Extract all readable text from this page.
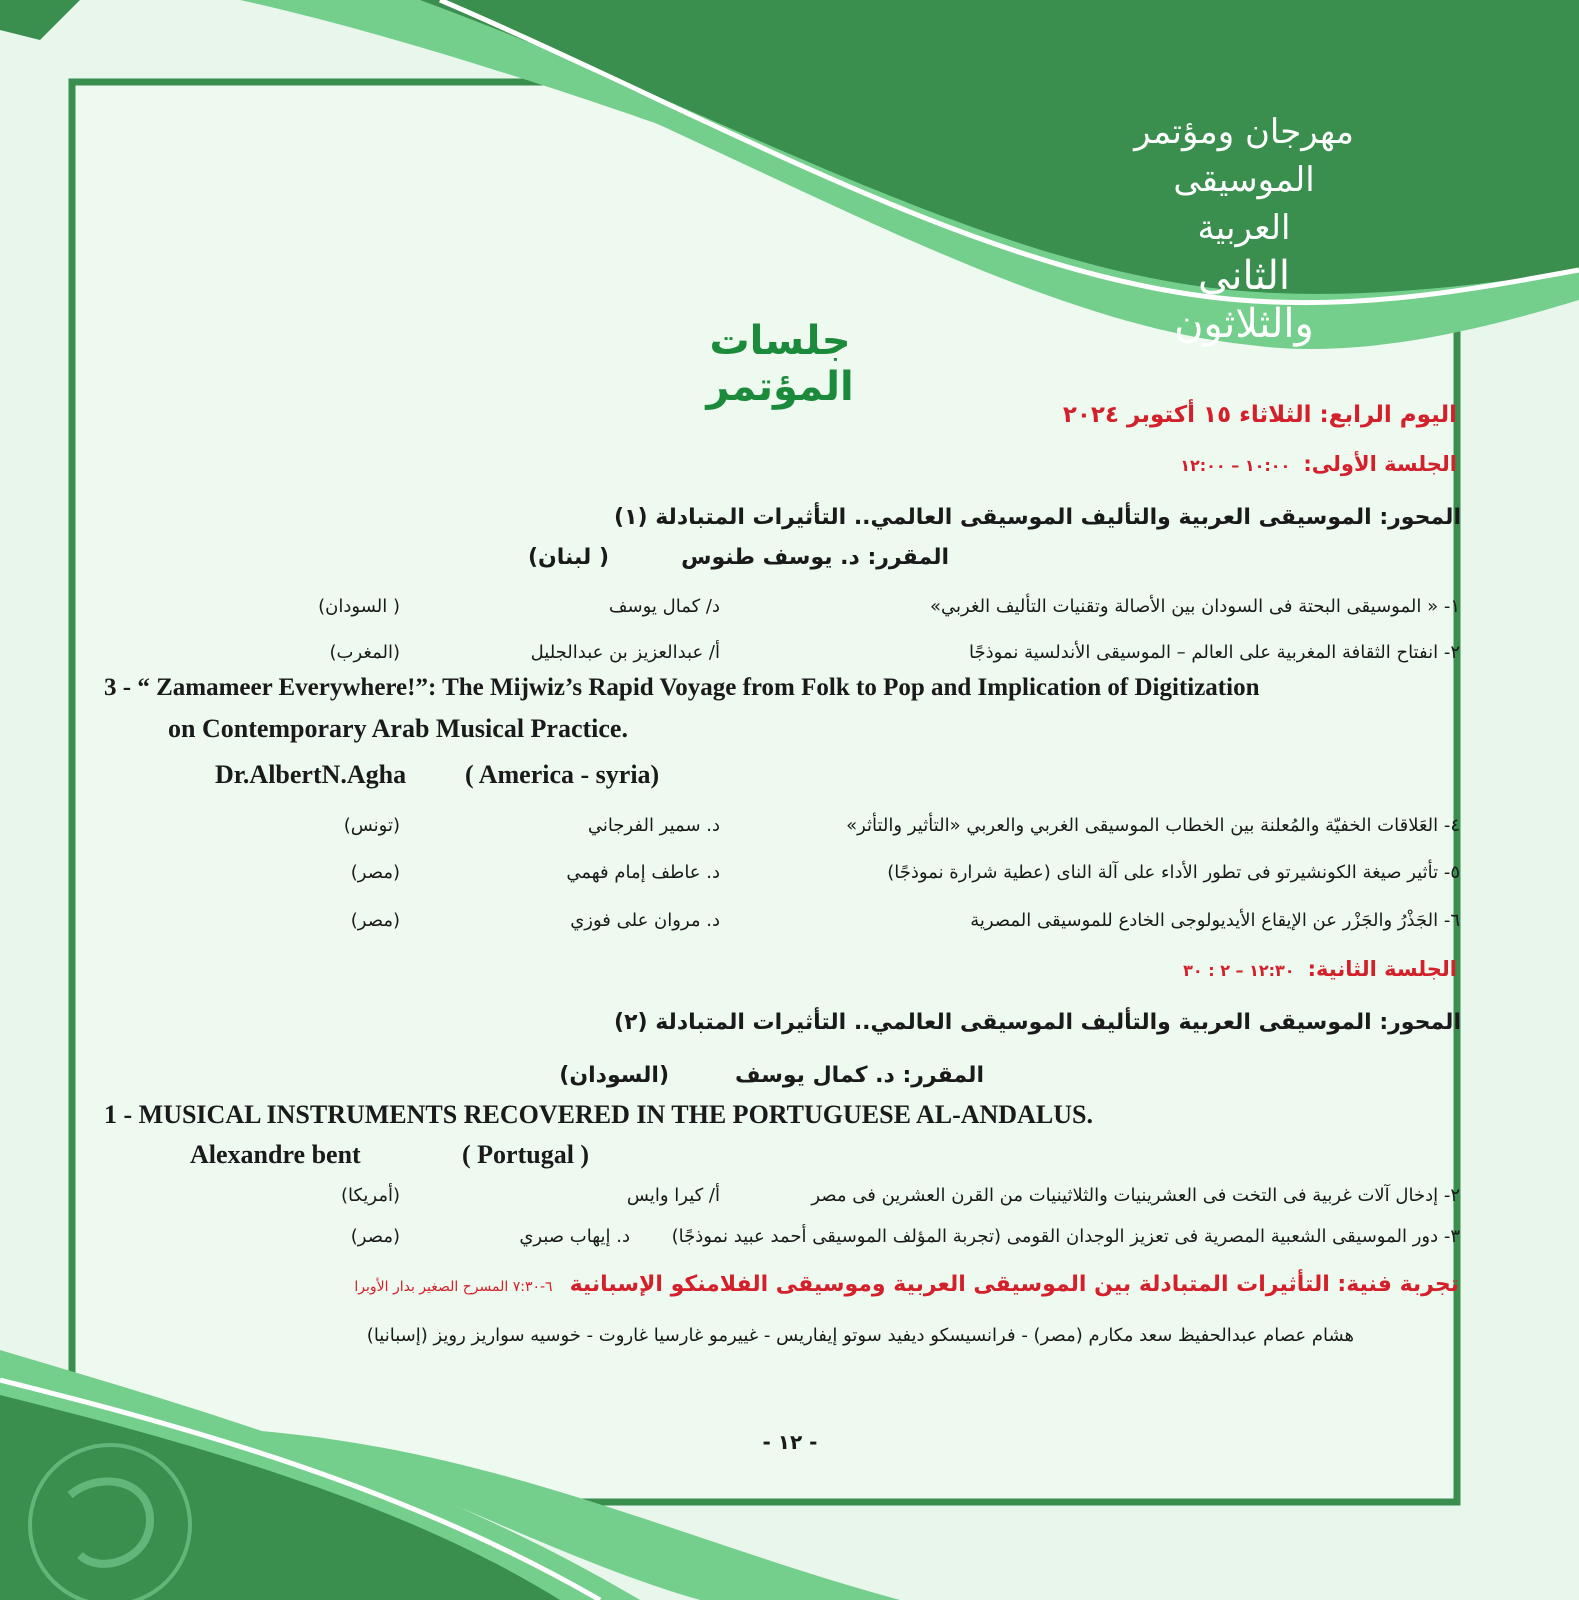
مهرجان ومؤتمر الموسيقى العربية
الثاني والثلاثون
جلسات المؤتمر
اليوم الرابع: الثلاثاء ١٥ أكتوبر ٢٠٢٤
الجلسة الأولى: ١٠:٠٠ – ١٢:٠٠
المحور: الموسيقى العربية والتأليف الموسيقى العالمي.. التأثيرات المتبادلة (١)
المقرر: د. يوسف طنوس
( لبنان)
١- « الموسيقى البحتة فى السودان بين الأصالة وتقنيات التأليف الغربي»
د/ كمال يوسف
( السودان)
٢- انفتاح الثقافة المغربية على العالم – الموسيقى الأندلسية نموذجًا
أ/ عبدالعزيز بن عبدالجليل
(المغرب)
3 - “ Zamameer Everywhere!”: The Mijwiz’s Rapid Voyage from Folk to Pop and Implication of Digitization
on Contemporary Arab Musical Practice.
Dr.AlbertN.Agha ( America - syria)
٤- العَلاقات الخفيّة والمُعلنة بين الخطاب الموسيقى الغربي والعربي «التأثير والتأثر»
د. سمير الفرجاني
(تونس)
٥- تأثير صيغة الكونشيرتو فى تطور الأداء على آلة الناى (عطية شرارة نموذجًا)
د. عاطف إمام فهمي
(مصر)
٦- الجَذْرُ والجَزْر عن الإيقاع الأيديولوجى الخادع للموسيقى المصرية
د. مروان على فوزي
(مصر)
الجلسة الثانية: ١٢:٣٠ – ٢ : ٣٠
المحور: الموسيقى العربية والتأليف الموسيقى العالمي.. التأثيرات المتبادلة (٢)
المقرر: د. كمال يوسف
(السودان)
1 - MUSICAL INSTRUMENTS RECOVERED IN THE PORTUGUESE AL-ANDALUS.
Alexandre bent	( Portugal )
٢- إدخال آلات غربية فى التخت فى العشرينيات والثلاثينيات من القرن العشرين فى مصر
أ/ كيرا وايس
(أمريكا)
٣- دور الموسيقى الشعبية المصرية فى تعزيز الوجدان القومى (تجربة المؤلف الموسيقى أحمد عبيد نموذجًا)
د. إيهاب صبري
(مصر)
تجربة فنية: التأثيرات المتبادلة بين الموسيقى العربية وموسيقى الفلامنكو الإسبانية ٦-٧:٣٠ المسرح الصغير بدار الأوبرا
هشام عصام عبدالحفيظ سعد مكارم (مصر) - فرانسيسكو ديفيد سوتو إيفاريس - غييرمو غارسيا غاروت - خوسيه سواريز رويز (إسبانيا)
- ١٢ -
